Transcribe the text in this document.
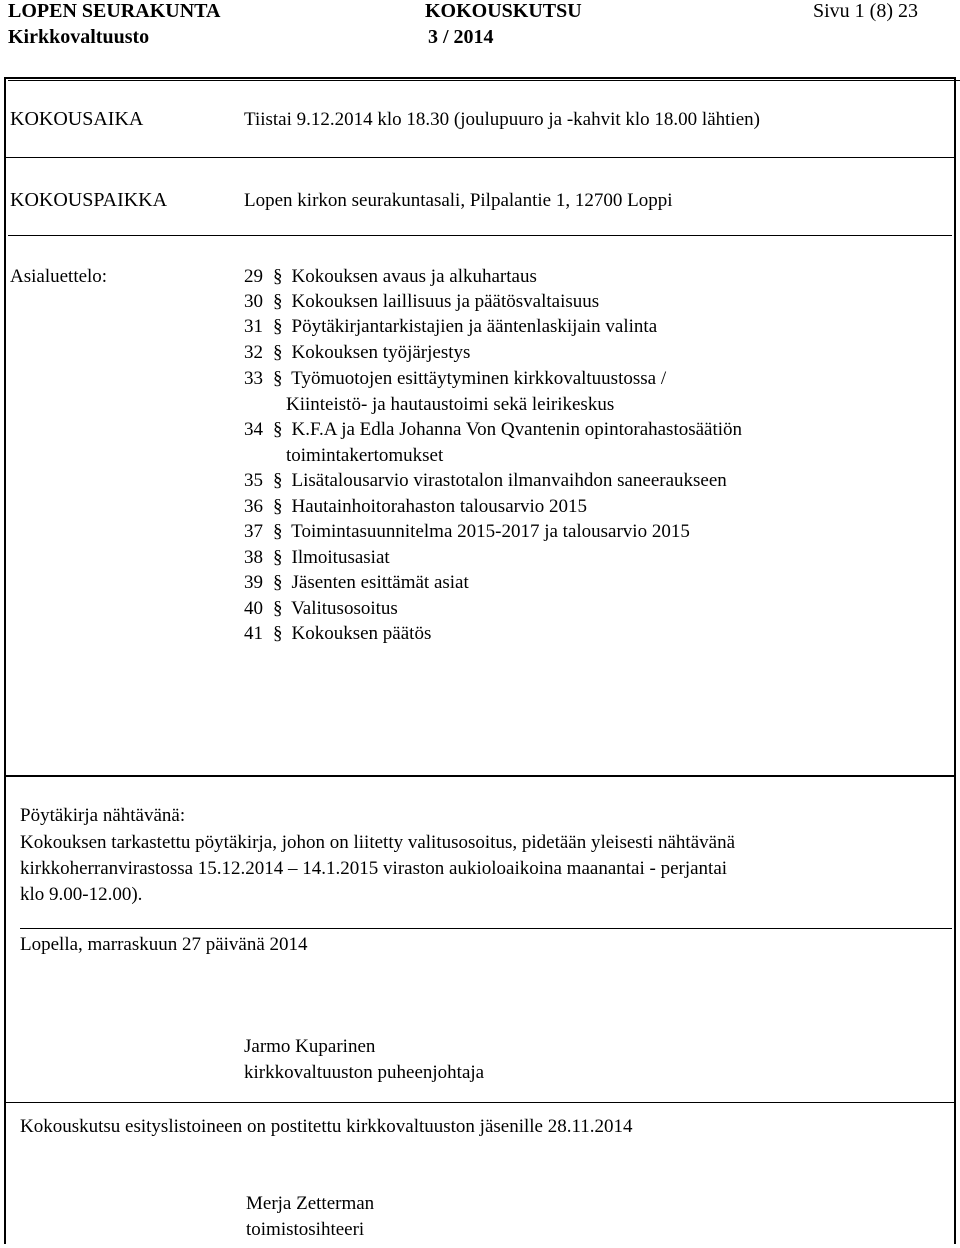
LOPEN SEURAKUNTA	KOKOUSKUTSU	Sivu 1 (8) 23
Kirkkovaltuusto	3 / 2014
KOKOUSAIKA	Tiistai 9.12.2014 klo 18.30 (joulupuuro ja -kahvit klo 18.00 lähtien)
KOKOUSPAIKKA	Lopen kirkon seurakuntasali, Pilpalantie 1, 12700 Loppi
Asialuettelo:	29 § Kokouksen avaus ja alkuhartaus
30 § Kokouksen laillisuus ja päätösvaltaisuus
31 § Pöytäkirjantarkistajien ja ääntenlaskijain valinta
32 § Kokouksen työjärjestys
33 § Työmuotojen esittäytyminen kirkkovaltuustossa /
Kiinteistö- ja hautaustoimi sekä leirikeskus
34 § K.F.A ja Edla Johanna Von Qvantenin opintorahastosäätiön
toimintakertomukset
35 § Lisätalousarvio virastotalon ilmanvaihdon saneeraukseen
36 § Hautainhoitorahaston talousarvio 2015
37 § Toimintasuunnitelma 2015-2017 ja talousarvio 2015
38 § Ilmoitusasiat
39 § Jäsenten esittämät asiat
40 § Valitusosoitus
41 § Kokouksen päätös
Pöytäkirja nähtävänä:
Kokouksen tarkastettu pöytäkirja, johon on liitetty valitusosoitus, pidetään yleisesti nähtävänä
kirkkoherranvirastossa 15.12.2014 – 14.1.2015 viraston aukioloaikoina maanantai - perjantai
klo 9.00-12.00).
Lopella, marraskuun 27 päivänä 2014
Jarmo Kuparinen
kirkkovaltuuston puheenjohtaja
Kokouskutsu esityslistoineen on postitettu kirkkovaltuuston jäsenille 28.11.2014
Merja Zetterman
toimistosihteeri
